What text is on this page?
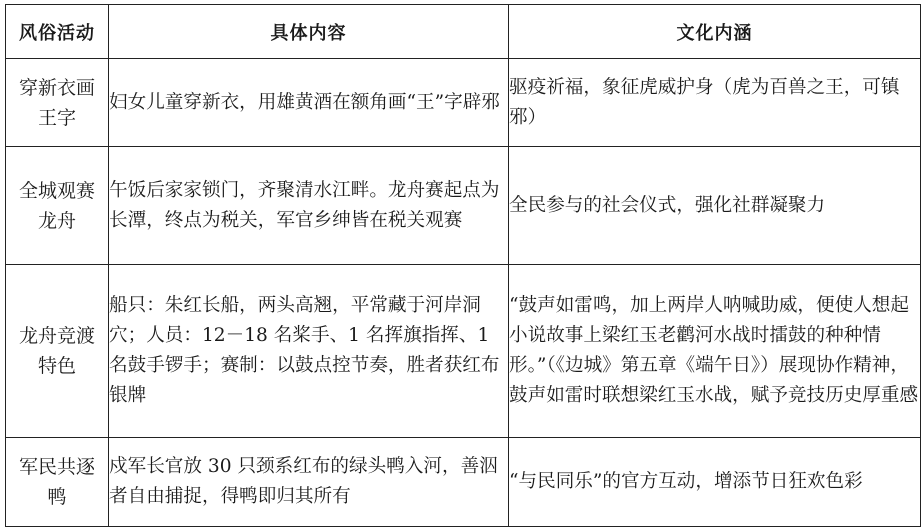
风俗活动	具体内容	文化内涵
穿新衣画王字	妇女儿童穿新衣，用雄黄酒在额角画“王”字辟邪	驱疫祈福，象征虎威护身（虎为百兽之王，可镇邪）
全城观赛龙舟	午饭后家家锁门，齐聚清水江畔。龙舟赛起点为长潭，终点为税关，军官乡绅皆在税关观赛	全民参与的社会仪式，强化社群凝聚力
龙舟竞渡特色	船只：朱红长船，两头高翘，平常藏于河岸洞穴；人员：12－18 名桨手、1 名挥旗指挥、1 名鼓手锣手；赛制：以鼓点控节奏，胜者获红布银牌	“鼓声如雷鸣，加上两岸人呐喊助威，便使人想起小说故事上梁红玉老鹳河水战时擂鼓的种种情形。”（《边城》第五章《端午日》）展现协作精神，鼓声如雷时联想梁红玉水战，赋予竞技历史厚重感
军民共逐鸭	戍军长官放 30 只颈系红布的绿头鸭入河，善泅者自由捕捉，得鸭即归其所有	“与民同乐”的官方互动，增添节日狂欢色彩
